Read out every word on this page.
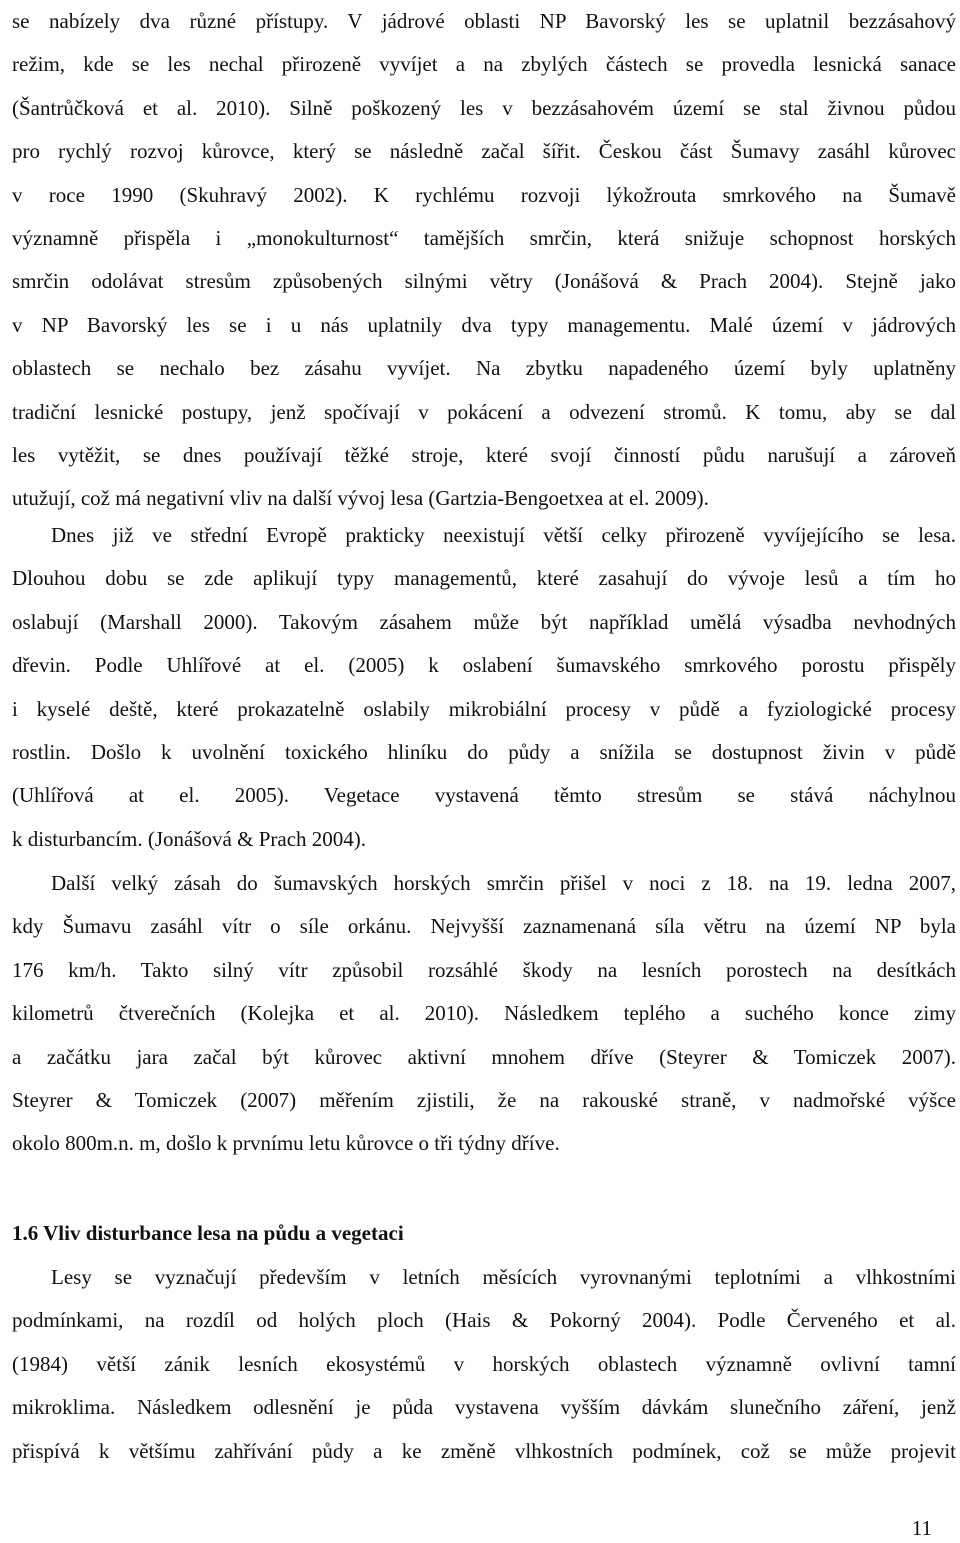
se nabízely dva různé přístupy. V jádrové oblasti NP Bavorský les se uplatnil bezzásahový
režim, kde se les nechal přirozeně vyvíjet a na zbylých částech se provedla lesnická sanace
(Šantrůčková et al. 2010). Silně poškozený les v bezzásahovém území se stal živnou půdou
pro rychlý rozvoj kůrovce, který se následně začal šířit. Českou část Šumavy zasáhl kůrovec
v roce 1990 (Skuhravý 2002). K rychlému rozvoji lýkožrouta smrkového na Šumavě
významně přispěla i „monokulturnost“ tamějších smrčin, která snižuje schopnost horských
smrčin odolávat stresům způsobených silnými větry (Jonášová & Prach 2004). Stejně jako
v NP Bavorský les se i u nás uplatnily dva typy managementu. Malé území v jádrových
oblastech se nechalo bez zásahu vyvíjet. Na zbytku napadeného území byly uplatněny
tradiční lesnické postupy, jenž spočívají v pokácení a odvezení stromů. K tomu, aby se dal
les vytěžit, se dnes používají těžké stroje, které svojí činností půdu narušují a zároveň
utužují, což má negativní vliv na další vývoj lesa (Gartzia-Bengoetxea at el. 2009).
Dnes již ve střední Evropě prakticky neexistují větší celky přirozeně vyvíjejícího se lesa.
Dlouhou dobu se zde aplikují typy managementů, které zasahují do vývoje lesů a tím ho
oslabují (Marshall 2000). Takovým zásahem může být například umělá výsadba nevhodných
dřevin. Podle Uhlířové at el. (2005) k oslabení šumavského smrkového porostu přispěly
i kyselé deště, které prokazatelně oslabily mikrobiální procesy v půdě a fyziologické procesy
rostlin. Došlo k uvolnění toxického hliníku do půdy a snížila se dostupnost živin v půdě
(Uhlířová at el. 2005). Vegetace vystavená těmto stresům se stává náchylnou
k disturbancím. (Jonášová & Prach 2004).
Další velký zásah do šumavských horských smrčin přišel v noci z 18. na 19. ledna 2007,
kdy Šumavu zasáhl vítr o síle orkánu. Nejvyšší zaznamenaná síla větru na území NP byla
176 km/h. Takto silný vítr způsobil rozsáhlé škody na lesních porostech na desítkách
kilometrů čtverečních (Kolejka et al. 2010). Následkem teplého a suchého konce zimy
a začátku jara začal být kůrovec aktivní mnohem dříve (Steyrer & Tomiczek 2007).
Steyrer & Tomiczek (2007) měřením zjistili, že na rakouské straně, v nadmořské výšce
okolo 800m.n. m, došlo k prvnímu letu kůrovce o tři týdny dříve.
1.6 Vliv disturbance lesa na půdu a vegetaci
Lesy se vyznačují především v letních měsících vyrovnanými teplotními a vlhkostními
podmínkami, na rozdíl od holých ploch (Hais & Pokorný 2004). Podle Červeného et al.
(1984) větší zánik lesních ekosystémů v horských oblastech významně ovlivní tamní
mikroklima. Následkem odlesnění je půda vystavena vyšším dávkám slunečního záření, jenž
přispívá k většímu zahřívání půdy a ke změně vlhkostních podmínek, což se může projevit
11
